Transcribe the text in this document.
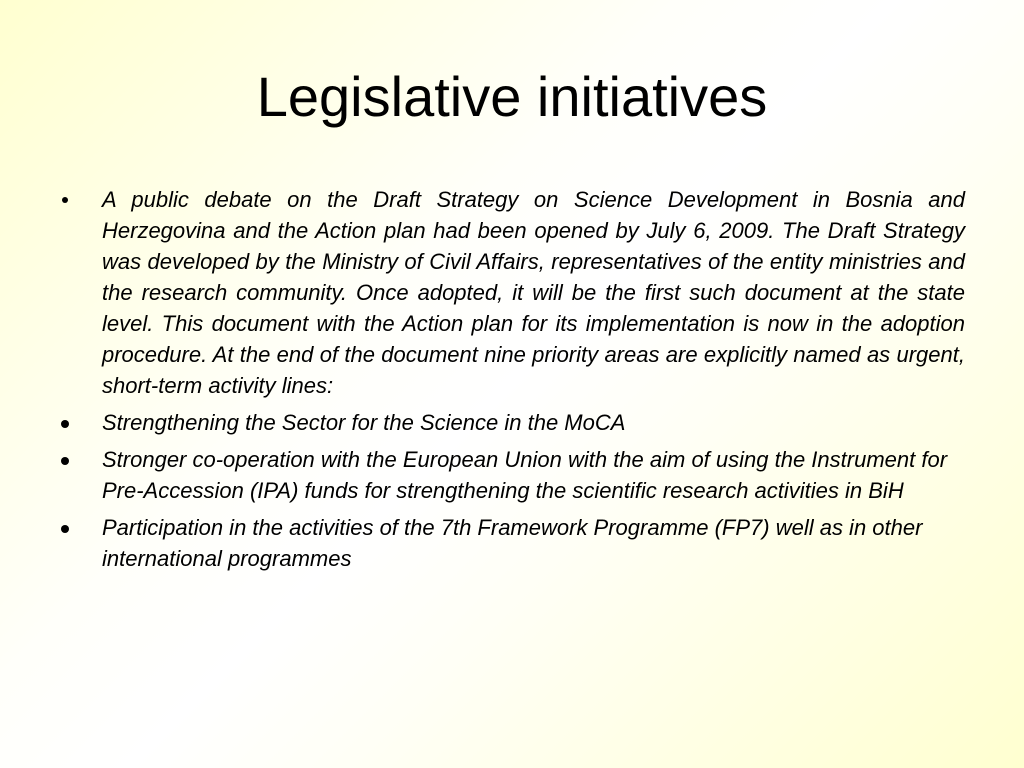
Legislative initiatives
A public debate on the Draft Strategy on Science Development in Bosnia and Herzegovina and the Action plan had been opened by July 6, 2009. The Draft Strategy was developed by the Ministry of Civil Affairs, representatives of the entity ministries and the research community. Once adopted, it will be the first such document at the state level. This document with the Action plan for its implementation is now in the adoption procedure. At the end of the document nine priority areas are explicitly named as urgent, short-term activity lines:
Strengthening the Sector for the Science in the MoCA
Stronger co-operation with the European Union with the aim of using the Instrument for Pre-Accession (IPA) funds for strengthening the scientific research activities in BiH
Participation in the activities of the 7th Framework Programme (FP7) well as in other international programmes
